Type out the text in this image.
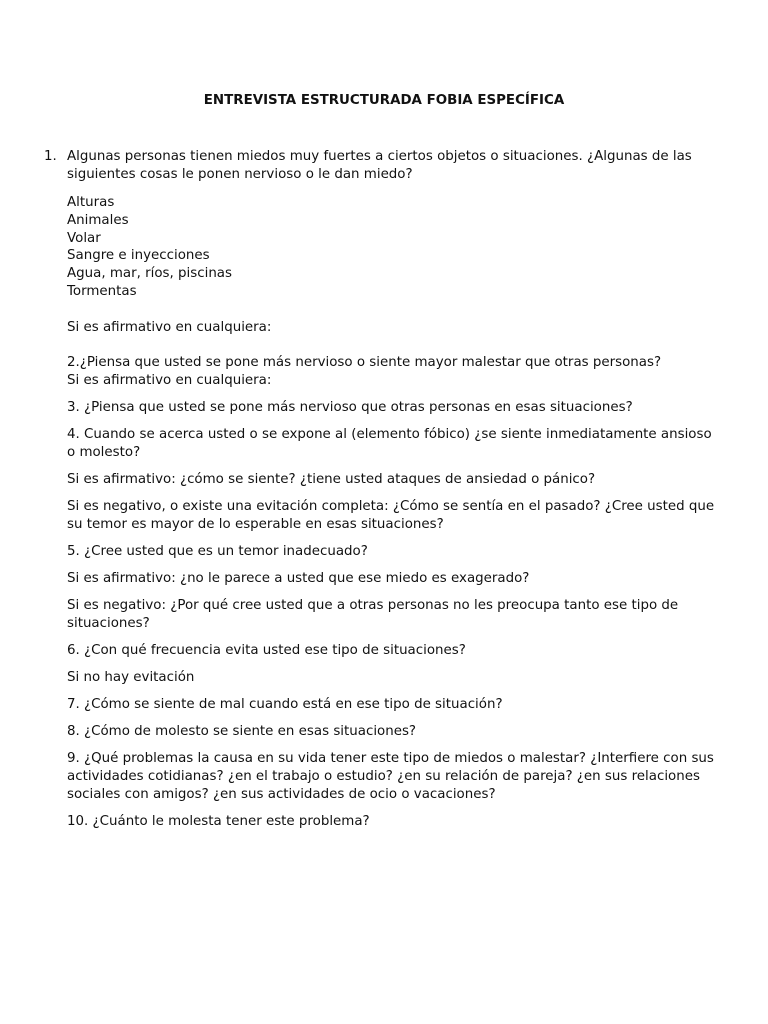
ENTREVISTA ESTRUCTURADA FOBIA ESPECÍFICA

1. Algunas personas tienen miedos muy fuertes a ciertos objetos o situaciones. ¿Algunas de las siguientes cosas le ponen nervioso o le dan miedo?

Alturas
Animales
Volar
Sangre e inyecciones
Agua, mar, ríos, piscinas
Tormentas

Si es afirmativo en cualquiera:

2.¿Piensa que usted se pone más nervioso o siente mayor malestar que otras personas?

Si es afirmativo en cualquiera:

3. ¿Piensa que usted se pone más nervioso que otras personas en esas situaciones?

4. Cuando se acerca usted o se expone al (elemento fóbico) ¿se siente inmediatamente ansioso o molesto?

Si es afirmativo: ¿cómo se siente? ¿tiene usted ataques de ansiedad o pánico?

Si es negativo, o existe una evitación completa: ¿Cómo se sentía en el pasado? ¿Cree usted que su temor es mayor de lo esperable en esas situaciones?

5. ¿Cree usted que es un temor inadecuado?

Si es afirmativo: ¿no le parece a usted que ese miedo es exagerado?

Si es negativo: ¿Por qué cree usted que a otras personas no les preocupa tanto ese tipo de situaciones?

6. ¿Con qué frecuencia evita usted ese tipo de situaciones?

Si no hay evitación

7. ¿Cómo se siente de mal cuando está en ese tipo de situación?

8. ¿Cómo de molesto se siente en esas situaciones?

9. ¿Qué problemas la causa en su vida tener este tipo de miedos o malestar? ¿Interfiere con sus actividades cotidianas? ¿en el trabajo o estudio? ¿en su relación de pareja? ¿en sus relaciones sociales con amigos? ¿en sus actividades de ocio o vacaciones?

10. ¿Cuánto le molesta tener este problema?
